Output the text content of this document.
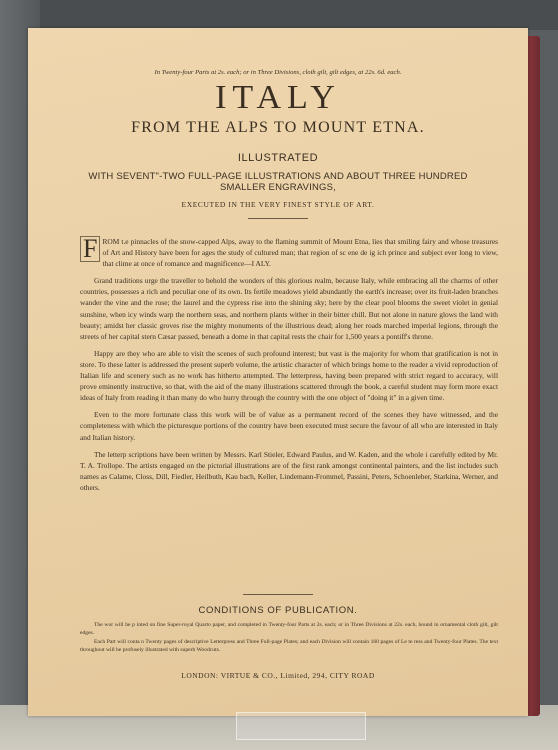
In Twenty-four Parts at 2s. each; or in Three Divisions, cloth gilt, gilt edges, at 22s. 6d. each.
ITALY
FROM THE ALPS TO MOUNT ETNA.
ILLUSTRATED
WITH SEVENT"-TWO FULL-PAGE ILLUSTRATIONS AND ABOUT THREE HUNDRED SMALLER ENGRAVINGS,
EXECUTED IN THE VERY FINEST STYLE OF ART.

F ROM t.e pinnacles of the snow-capped Alps, away to the flaming summit of Mount Etna, lies that smiling fairy and whose treasures of Art and History have been for ages the study of cultured man; that region of sc ene de ig ich prince and subject ever long to view, that clime at once of romance and magnificence—I ALY.

Grand traditions urge the traveller to behold the wonders of this glorious realm, because Italy, while embracing all the charms of other countries, possesses a rich and peculiar one of its own. Its fertile meadows yield abundantly the earth's increase; over its fruit-laden branches wander the vine and the rose; the laurel and the cypress rise into the shining sky; here by the clear pool blooms the sweet violet in genial sunshine, when icy winds warp the northern seas, and northern plants wither in their bitter chill. But not alone in nature glows the land with beauty; amidst her classic groves rise the mighty monuments of the illustrious dead; along her roads marched imperial legions, through the streets of her capital stern Cæsar passed, beneath a dome in that capital rests the chair for 1,500 years a pontiff's throne.

Happy are they who are able to visit the scenes of such profound interest; but vast is the majority for whom that gratification is not in store. To these latter is addressed the present superb volume, the artistic character of which brings home to the reader a vivid reproduction of Italian life and scenery such as no work has hitherto attempted. The letterpress, having been prepared with strict regard to accuracy, will prove eminently instructive, so that, with the aid of the many illustrations scattered through the book, a careful student may form more exact ideas of Italy from reading it than many do who hurry through the country with the one object of "doing it" in a given time.

Even to the more fortunate class this work will be of value as a permanent record of the scenes they have witnessed, and the completeness with which the picturesque portions of the country have been executed must secure the favour of all who are interested in Italy and Italian history.

The letterp scriptions have been written by Messrs. Karl Stieler, Edward Paulus, and W. Kaden, and the whole i carefully edited by Mr. T. A. Trollope. The artists engaged on the pictorial illustrations are of the first rank amongst continental painters, and the list includes such names as Calame, Closs, Dill, Fiedler, Heilbuth, Kau bach, Keller, Lindemann-Frommel, Passini, Peters, Schoenleber, Starkina, Werner, and others.

CONDITIONS OF PUBLICATION.

The wor will be p inted on fine Super-royal Quarto paper, and completed in Twenty-four Parts at 2s. each; or in Three Divisions at 22s. each, bound in ornamental cloth gilt, gilt edges.

Each Part will conta n Twenty pages of descriptive Letterpress and Three Full-page Plates; and each Division will contain 160 pages of Le te ress and Twenty-four Plates. The text throughout will be profusely illustrated with superb Woodcuts.

LONDON: VIRTUE & CO., Limited, 294, CITY ROAD
